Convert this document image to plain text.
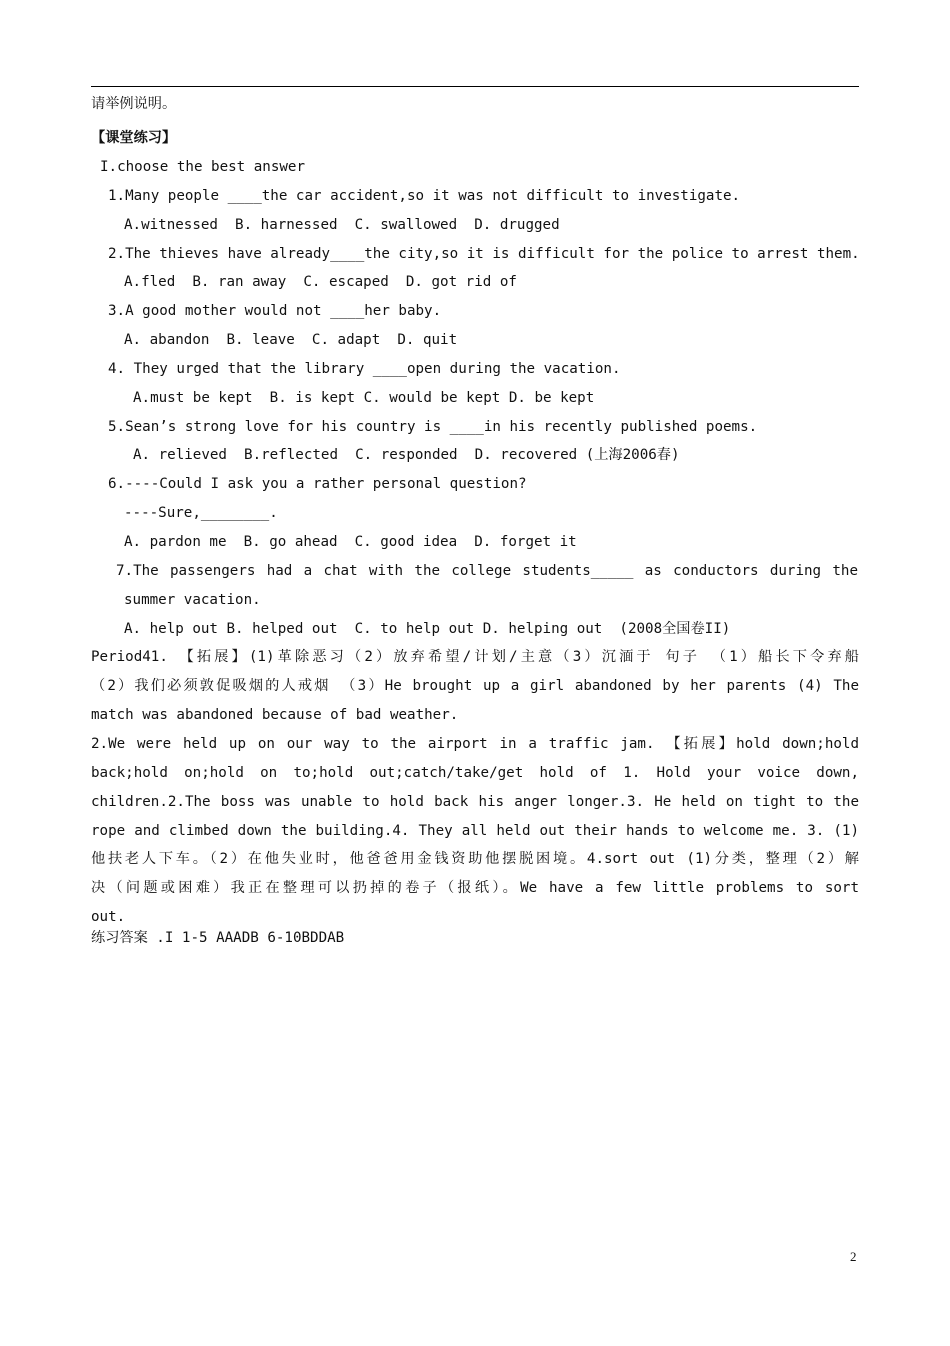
请举例说明。
【课堂练习】
I.choose the best answer
1.Many people ____the car accident,so it was not difficult to investigate.
A.witnessed  B. harnessed  C. swallowed  D. drugged
2.The thieves have already____the city,so it is difficult for the police to arrest them.
A.fled  B. ran away  C. escaped  D. got rid of
3.A good mother would not ____her baby.
A. abandon  B. leave  C. adapt  D. quit
4. They urged that the library ____open during the vacation.
A.must be kept  B. is kept C. would be kept D. be kept
5.Sean’s strong love for his country is ____in his recently published poems.
A. relieved  B.reflected  C. responded  D. recovered (上海2006春)
6.----Could I ask you a rather personal question?
----Sure,________.
A. pardon me  B. go ahead  C. good idea  D. forget it
7.The passengers had a chat with the college students_____ as conductors during the
summer vacation.
A. help out B. helped out  C. to help out D. helping out  (2008全国卷II)
Period41. 【拓展】(1)革除恶习（2）放弃希望/计划/主意（3）沉湎于 句子 （1）船长下令弃船
（2）我们必须敦促吸烟的人戒烟 （3）He brought up a girl abandoned by her parents (4) The
match was abandoned because of bad weather.
2.We were held up on our way to the airport in a traffic jam. 【拓展】hold down;hold
back;hold on;hold on to;hold out;catch/take/get hold of 1. Hold your voice down,
children.2.The boss was unable to hold back his anger longer.3. He held on tight to the
rope and climbed down the building.4. They all held out their hands to welcome me. 3. (1)
他扶老人下车。（2）在他失业时，他爸爸用金钱资助他摆脱困境。4.sort out (1)分类，整理（2）解
决（问题或困难）我正在整理可以扔掉的卷子（报纸）。We have a few little problems to sort
out.
练习答案 .I 1-5 AAADB 6-10BDDAB
2
